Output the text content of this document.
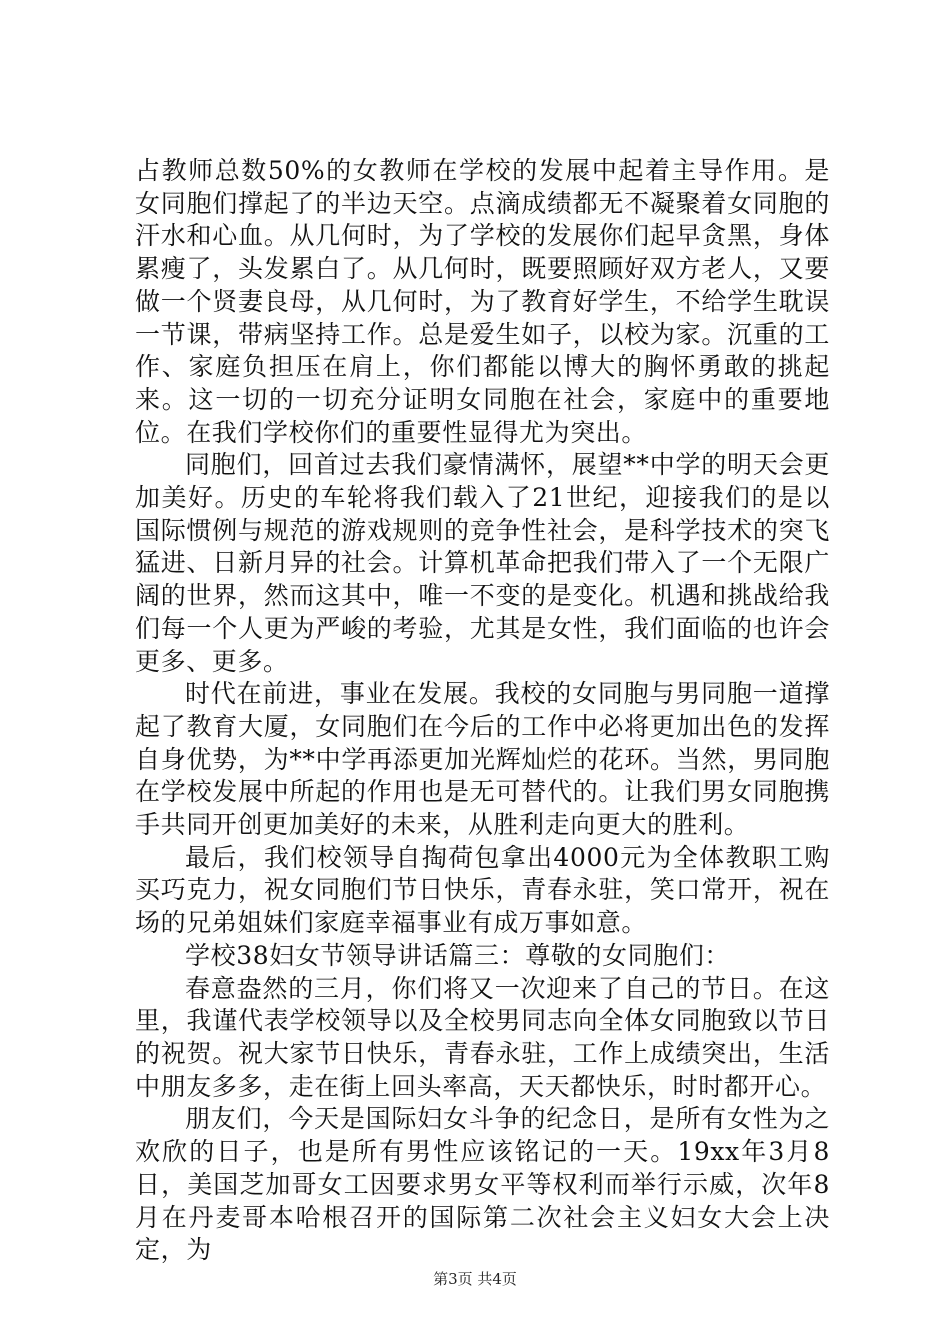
占教师总数50%的女教师在学校的发展中起着主导作用。是女同胞们撑起了的半边天空。点滴成绩都无不凝聚着女同胞的汗水和心血。从几何时，为了学校的发展你们起早贪黑，身体累瘦了，头发累白了。从几何时，既要照顾好双方老人，又要做一个贤妻良母，从几何时，为了教育好学生，不给学生耽误一节课，带病坚持工作。总是爱生如子，以校为家。沉重的工作、家庭负担压在肩上，你们都能以博大的胸怀勇敢的挑起来。这一切的一切充分证明女同胞在社会，家庭中的重要地位。在我们学校你们的重要性显得尤为突出。

同胞们，回首过去我们豪情满怀，展望**中学的明天会更加美好。历史的车轮将我们载入了21世纪，迎接我们的是以国际惯例与规范的游戏规则的竞争性社会，是科学技术的突飞猛进、日新月异的社会。计算机革命把我们带入了一个无限广阔的世界，然而这其中，唯一不变的是变化。机遇和挑战给我们每一个人更为严峻的考验，尤其是女性，我们面临的也许会更多、更多。

时代在前进，事业在发展。我校的女同胞与男同胞一道撑起了教育大厦，女同胞们在今后的工作中必将更加出色的发挥自身优势，为**中学再添更加光辉灿烂的花环。当然，男同胞在学校发展中所起的作用也是无可替代的。让我们男女同胞携手共同开创更加美好的未来，从胜利走向更大的胜利。

最后，我们校领导自掏荷包拿出4000元为全体教职工购买巧克力，祝女同胞们节日快乐，青春永驻，笑口常开，祝在场的兄弟姐妹们家庭幸福事业有成万事如意。

学校38妇女节领导讲话篇三：尊敬的女同胞们：

春意盎然的三月，你们将又一次迎来了自己的节日。在这里，我谨代表学校领导以及全校男同志向全体女同胞致以节日的祝贺。祝大家节日快乐，青春永驻，工作上成绩突出，生活中朋友多多，走在街上回头率高，天天都快乐，时时都开心。

朋友们，今天是国际妇女斗争的纪念日，是所有女性为之欢欣的日子，也是所有男性应该铭记的一天。19xx年3月8日，美国芝加哥女工因要求男女平等权利而举行示威，次年8月在丹麦哥本哈根召开的国际第二次社会主义妇女大会上决定，为

第3页 共4页
